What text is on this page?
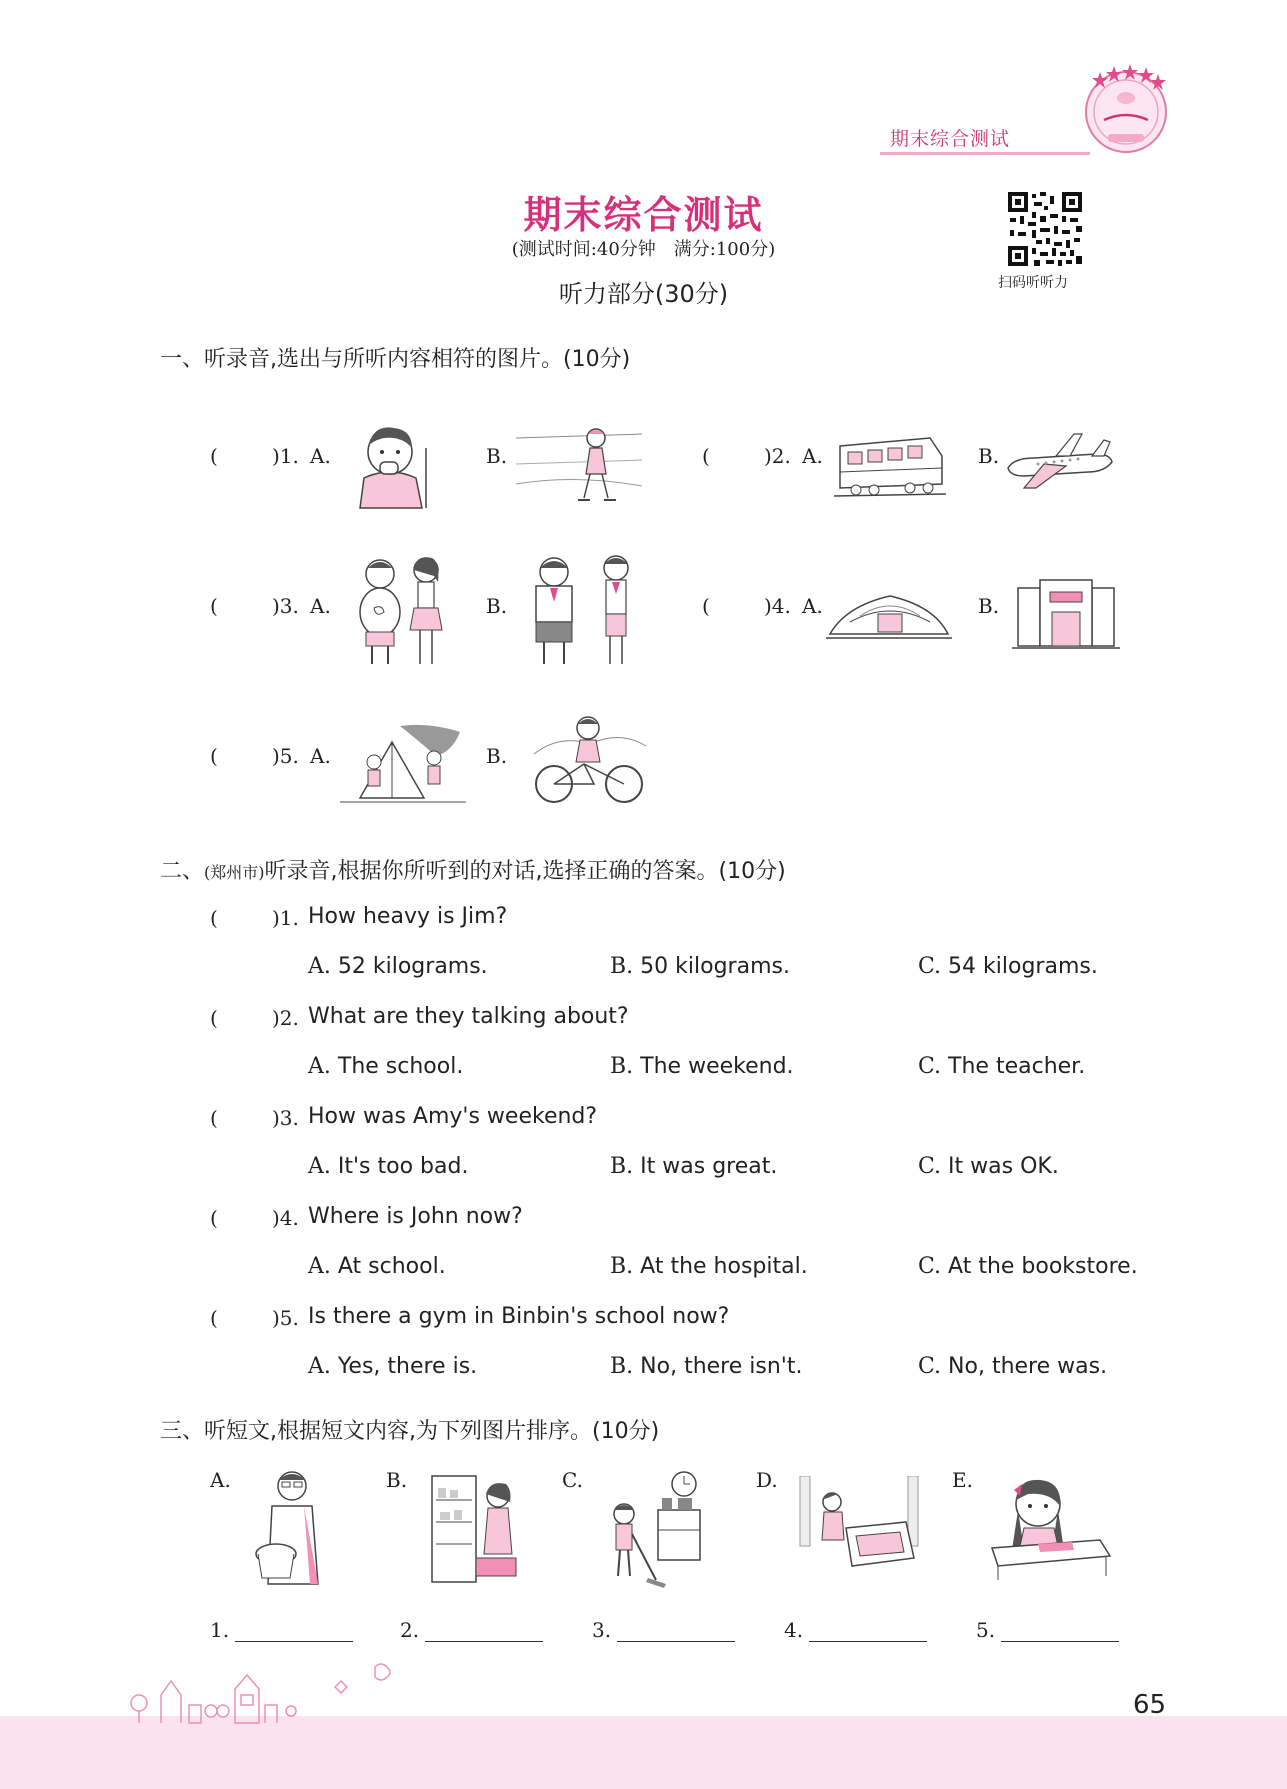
期末综合测试
期末综合测试
(测试时间:40分钟　满分:100分)
听力部分(30分)	扫码听听力
一、听录音,选出与所听内容相符的图片。(10分)
(	)1. A.	B.	(	)2. A.	B.
(	)3. A.	B.	(	)4. A.	B.
(	)5. A.	B.
二、(郑州市)听录音,根据你所听到的对话,选择正确的答案。(10分)
(	)1. How heavy is Jim?
A. 52 kilograms.	B. 50 kilograms.	C. 54 kilograms.
(	)2. What are they talking about?
A. The school.	B. The weekend.	C. The teacher.
(	)3. How was Amy's weekend?
A. It's too bad.	B. It was great.	C. It was OK.
(	)4. Where is John now?
A. At school.	B. At the hospital.	C. At the bookstore.
(	)5. Is there a gym in Binbin's school now?
A. Yes, there is.	B. No, there isn't.	C. No, there was.
三、听短文,根据短文内容,为下列图片排序。(10分)
A.	B.	C.	D.	E.
1.	2.	3.	4.	5.
65
